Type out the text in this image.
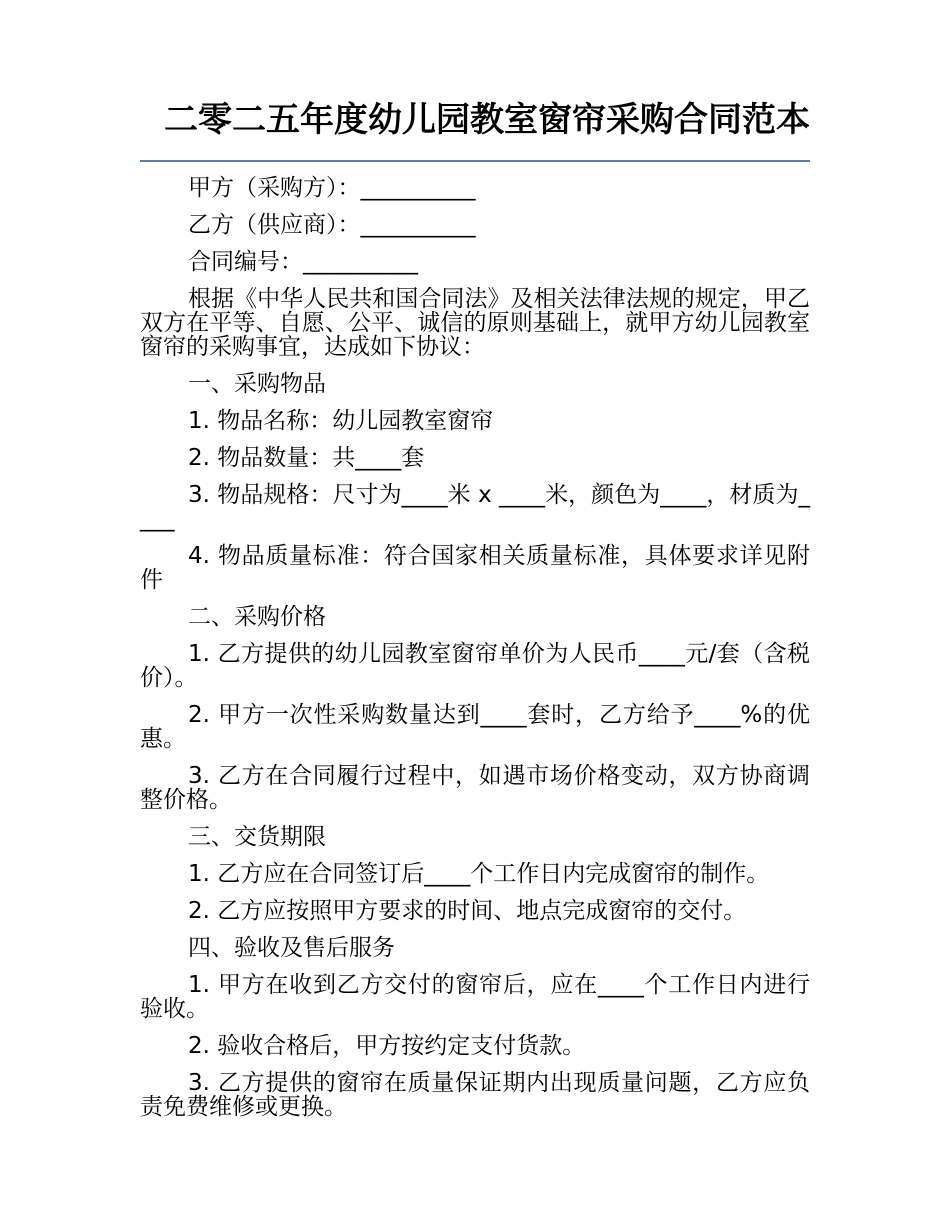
二零二五年度幼儿园教室窗帘采购合同范本

甲方（采购方）：__________

乙方（供应商）：__________

合同编号：__________

根据《中华人民共和国合同法》及相关法律法规的规定，甲乙双方在平等、自愿、公平、诚信的原则基础上，就甲方幼儿园教室窗帘的采购事宜，达成如下协议：

一、采购物品

1. 物品名称：幼儿园教室窗帘

2. 物品数量：共____套

3. 物品规格：尺寸为____米 x ____米，颜色为____，材质为____

4. 物品质量标准：符合国家相关质量标准，具体要求详见附件

二、采购价格

1. 乙方提供的幼儿园教室窗帘单价为人民币____元/套（含税价）。

2. 甲方一次性采购数量达到____套时，乙方给予____%的优惠。

3. 乙方在合同履行过程中，如遇市场价格变动，双方协商调整价格。

三、交货期限

1. 乙方应在合同签订后____个工作日内完成窗帘的制作。

2. 乙方应按照甲方要求的时间、地点完成窗帘的交付。

四、验收及售后服务

1. 甲方在收到乙方交付的窗帘后，应在____个工作日内进行验收。

2. 验收合格后，甲方按约定支付货款。

3. 乙方提供的窗帘在质量保证期内出现质量问题，乙方应负责免费维修或更换。
